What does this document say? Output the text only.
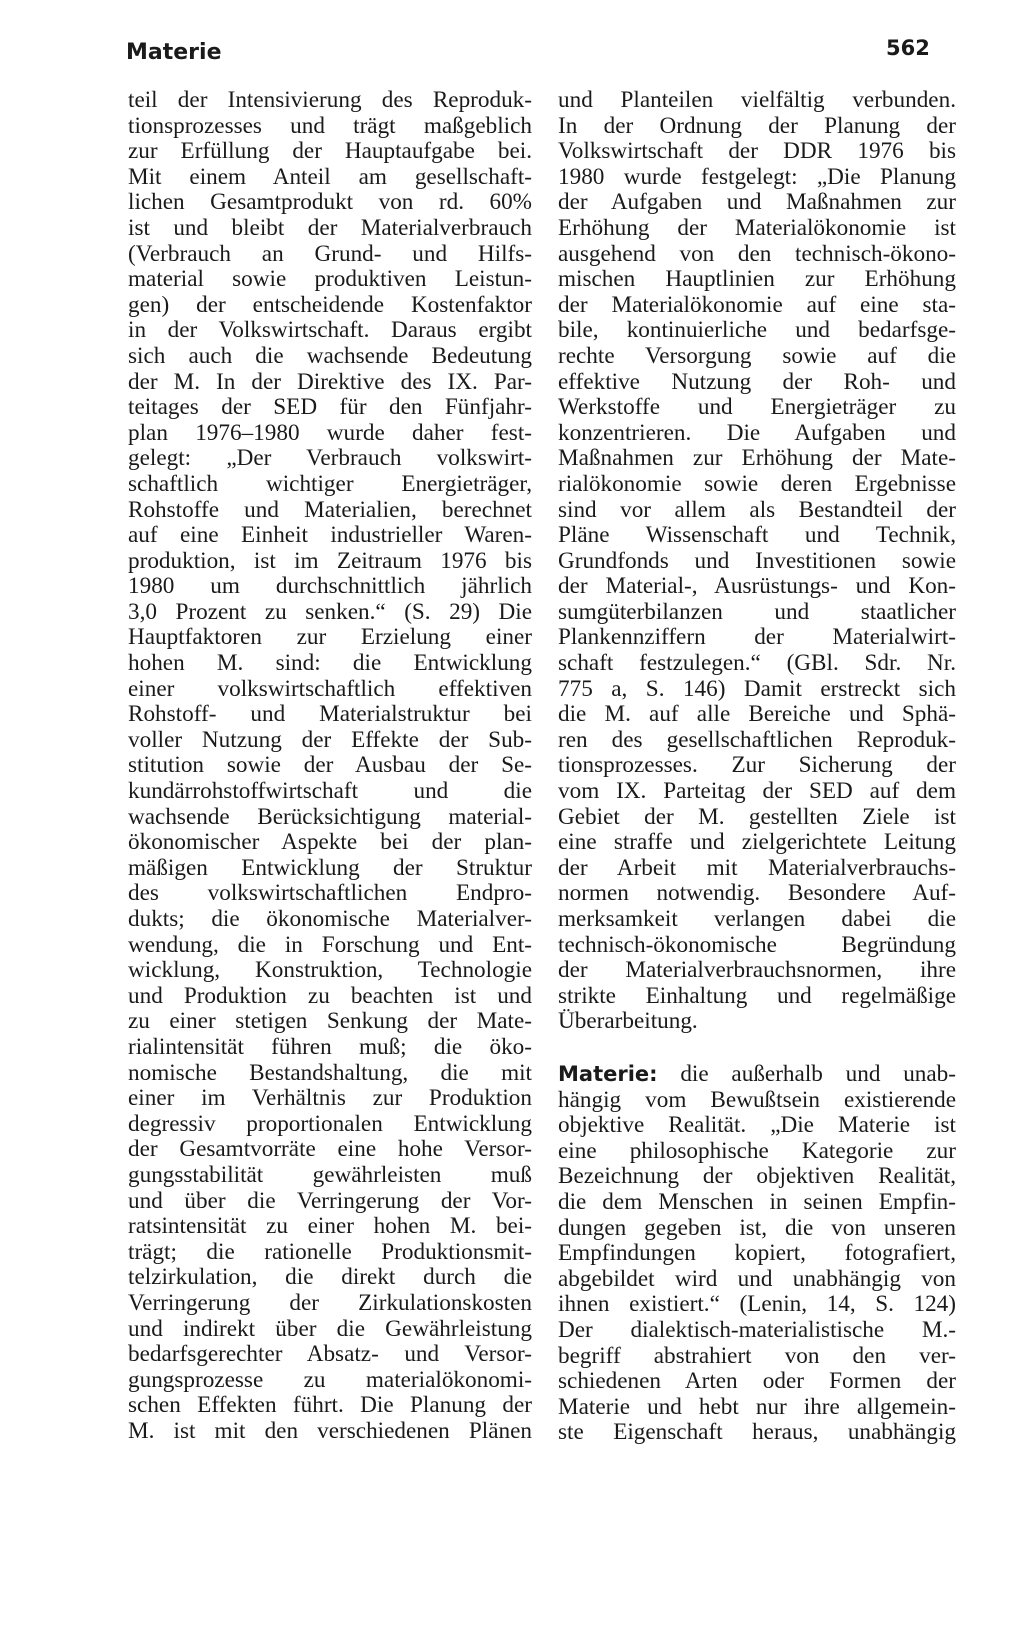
Materie	562
teil der Intensivierung des Reproduk-
tionsprozesses und trägt maßgeblich
zur Erfüllung der Hauptaufgabe bei.
Mit einem Anteil am gesellschaft-
lichen Gesamtprodukt von rd. 60%
ist und bleibt der Materialverbrauch
(Verbrauch an Grund- und Hilfs-
material sowie produktiven Leistun-
gen) der entscheidende Kostenfaktor
in der Volkswirtschaft. Daraus ergibt
sich auch die wachsende Bedeutung
der M. In der Direktive des IX. Par-
teitages der SED für den Fünfjahr-
plan 1976–1980 wurde daher fest-
gelegt: „Der Verbrauch volkswirt-
schaftlich wichtiger Energieträger,
Rohstoffe und Materialien, berechnet
auf eine Einheit industrieller Waren-
produktion, ist im Zeitraum 1976 bis
1980 um durchschnittlich jährlich
3,0 Prozent zu senken.“ (S. 29) Die
Hauptfaktoren zur Erzielung einer
hohen M. sind: die Entwicklung
einer volkswirtschaftlich effektiven
Rohstoff- und Materialstruktur bei
voller Nutzung der Effekte der Sub-
stitution sowie der Ausbau der Se-
kundärrohstoffwirtschaft und die
wachsende Berücksichtigung material-
ökonomischer Aspekte bei der plan-
mäßigen Entwicklung der Struktur
des volkswirtschaftlichen Endpro-
dukts; die ökonomische Materialver-
wendung, die in Forschung und Ent-
wicklung, Konstruktion, Technologie
und Produktion zu beachten ist und
zu einer stetigen Senkung der Mate-
rialintensität führen muß; die öko-
nomische Bestandshaltung, die mit
einer im Verhältnis zur Produktion
degressiv proportionalen Entwicklung
der Gesamtvorräte eine hohe Versor-
gungsstabilität gewährleisten muß
und über die Verringerung der Vor-
ratsintensität zu einer hohen M. bei-
trägt; die rationelle Produktionsmit-
telzirkulation, die direkt durch die
Verringerung der Zirkulationskosten
und indirekt über die Gewährleistung
bedarfsgerechter Absatz- und Versor-
gungsprozesse zu materialökonomi-
schen Effekten führt. Die Planung der
M. ist mit den verschiedenen Plänen
und Planteilen vielfältig verbunden.
In der Ordnung der Planung der
Volkswirtschaft der DDR 1976 bis
1980 wurde festgelegt: „Die Planung
der Aufgaben und Maßnahmen zur
Erhöhung der Materialökonomie ist
ausgehend von den technisch-ökono-
mischen Hauptlinien zur Erhöhung
der Materialökonomie auf eine sta-
bile, kontinuierliche und bedarfsge-
rechte Versorgung sowie auf die
effektive Nutzung der Roh- und
Werkstoffe und Energieträger zu
konzentrieren. Die Aufgaben und
Maßnahmen zur Erhöhung der Mate-
rialökonomie sowie deren Ergebnisse
sind vor allem als Bestandteil der
Pläne Wissenschaft und Technik,
Grundfonds und Investitionen sowie
der Material-, Ausrüstungs- und Kon-
sumgüterbilanzen und staatlicher
Plankennziffern der Materialwirt-
schaft festzulegen.“ (GBl. Sdr. Nr.
775 a, S. 146) Damit erstreckt sich
die M. auf alle Bereiche und Sphä-
ren des gesellschaftlichen Reproduk-
tionsprozesses. Zur Sicherung der
vom IX. Parteitag der SED auf dem
Gebiet der M. gestellten Ziele ist
eine straffe und zielgerichtete Leitung
der Arbeit mit Materialverbrauchs-
normen notwendig. Besondere Auf-
merksamkeit verlangen dabei die
technisch-ökonomische Begründung
der Materialverbrauchsnormen, ihre
strikte Einhaltung und regelmäßige
Überarbeitung.
Materie: die außerhalb und unab-
hängig vom Bewußtsein existierende
objektive Realität. „Die Materie ist
eine philosophische Kategorie zur
Bezeichnung der objektiven Realität,
die dem Menschen in seinen Empfin-
dungen gegeben ist, die von unseren
Empfindungen kopiert, fotografiert,
abgebildet wird und unabhängig von
ihnen existiert.“ (Lenin, 14, S. 124)
Der dialektisch-materialistische M.-
begriff abstrahiert von den ver-
schiedenen Arten oder Formen der
Materie und hebt nur ihre allgemein-
ste Eigenschaft heraus, unabhängig
